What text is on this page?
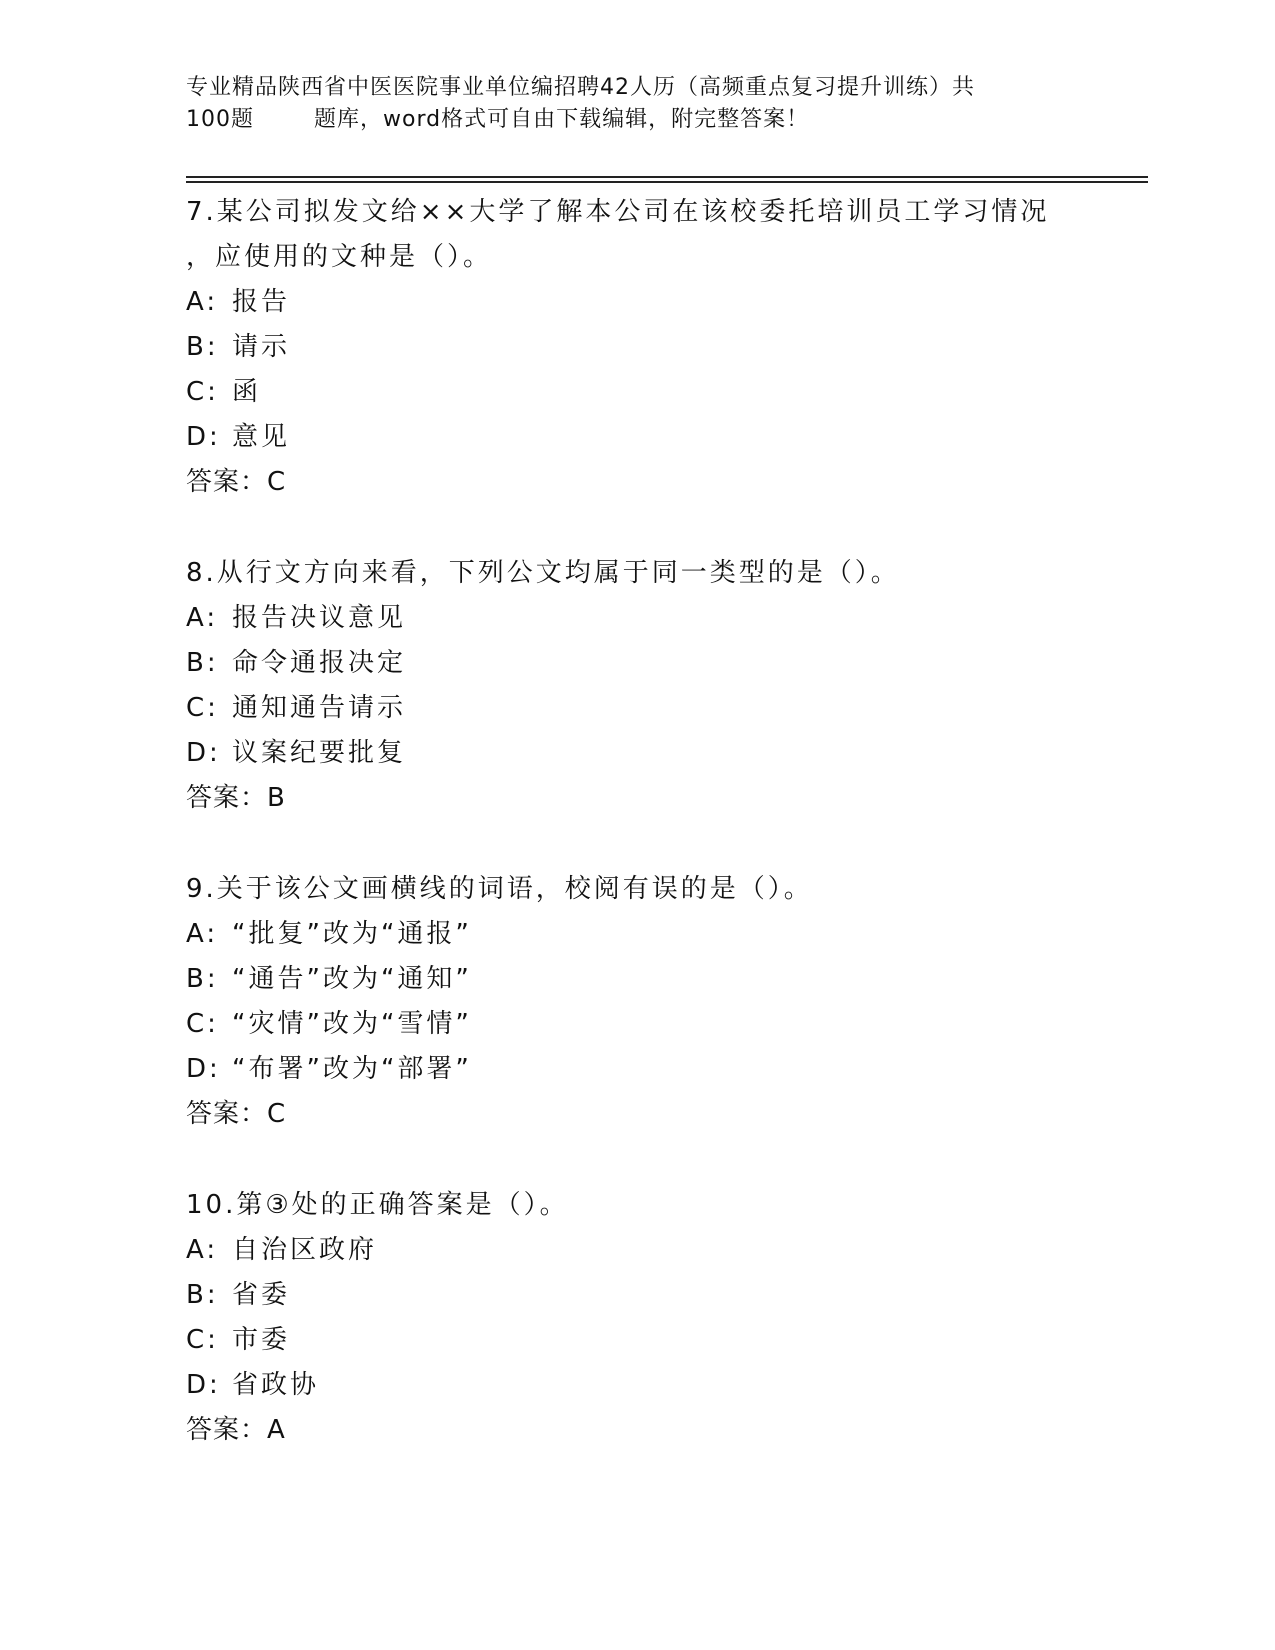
专业精品陕西省中医医院事业单位编招聘42人历（高频重点复习提升训练）共
100题	题库，word格式可自由下载编辑，附完整答案！
7.某公司拟发文给××大学了解本公司在该校委托培训员工学习情况
，应使用的文种是（）。
A: 报告
B: 请示
C: 函
D: 意见
答案：C
8.从行文方向来看，下列公文均属于同一类型的是（）。
A: 报告决议意见
B: 命令通报决定
C: 通知通告请示
D: 议案纪要批复
答案：B
9.关于该公文画横线的词语，校阅有误的是（）。
A: “批复”改为“通报”
B: “通告”改为“通知”
C: “灾情”改为“雪情”
D: “布署”改为“部署”
答案：C
10.第③处的正确答案是（）。
A: 自治区政府
B: 省委
C: 市委
D: 省政协
答案：A
